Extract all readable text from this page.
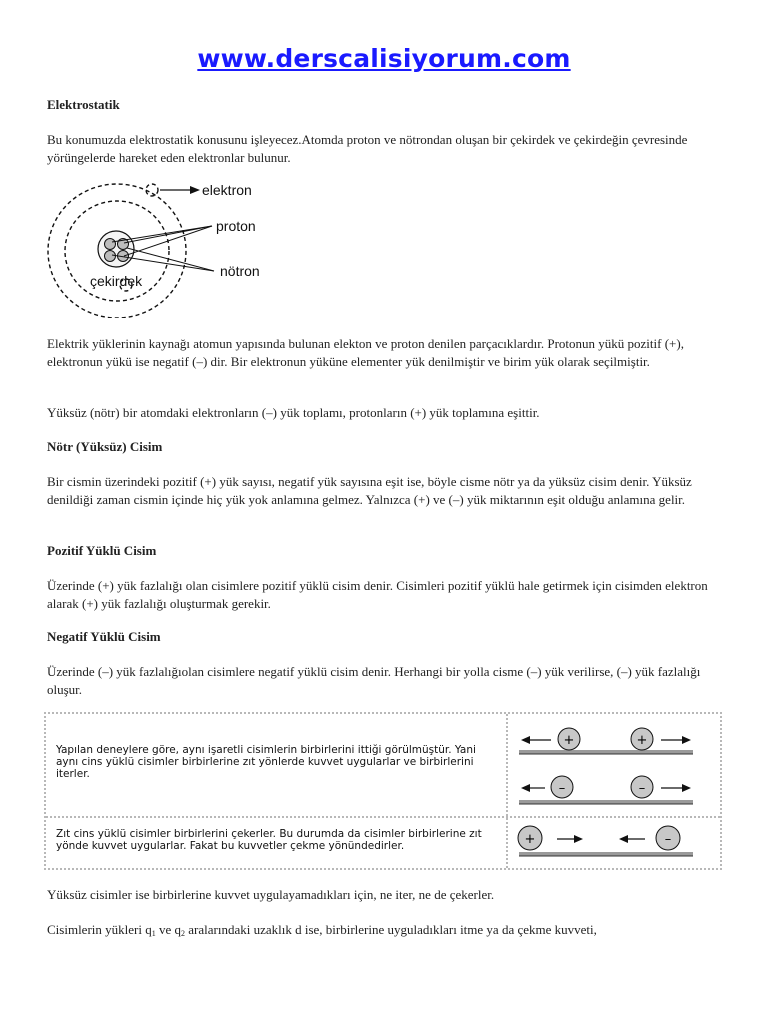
www.derscalisiyorum.com
Elektrostatik
Bu konumuzda elektrostatik konusunu işleyecez.Atomda proton ve nötrondan oluşan bir çekirdek ve çekirdeğin çevresinde yörüngelerde hareket eden elektronlar bulunur.
elektron
proton
nötron
çekirdek
Elektrik yüklerinin kaynağı atomun yapısında bulunan elekton ve proton denilen parçacıklardır. Protonun yükü pozitif (+), elektronun yükü ise negatif (–) dir. Bir elektronun yüküne elementer yük denilmiştir ve birim yük olarak seçilmiştir.
Yüksüz (nötr) bir atomdaki elektronların (–) yük toplamı, protonların (+) yük toplamına eşittir.
Nötr (Yüksüz) Cisim
Bir cismin üzerindeki pozitif (+) yük sayısı, negatif yük sayısına eşit ise, böyle cisme nötr ya da yüksüz cisim denir. Yüksüz denildiği zaman cismin içinde hiç yük yok anlamına gelmez. Yalnızca (+) ve (–) yük miktarının eşit olduğu anlamına gelir.
Pozitif Yüklü Cisim
Üzerinde (+) yük fazlalığı olan cisimlere pozitif yüklü cisim denir. Cisimleri pozitif yüklü hale getirmek için cisimden elektron alarak (+) yük fazlalığı oluşturmak gerekir.
Negatif Yüklü Cisim
Üzerinde (–) yük fazlalığıolan cisimlere negatif yüklü cisim denir. Herhangi bir yolla cisme (–) yük verilirse, (–) yük fazlalığı oluşur.
Yapılan deneylere göre, aynı işaretli cisimlerin birbirlerini ittiği görülmüştür. Yani aynı cins yüklü cisimler birbirlerine zıt yönlerde kuvvet uygularlar ve birbirlerini iterler.
Zıt cins yüklü cisimler birbirlerini çekerler. Bu durumda da cisimler birbirlerine zıt yönde kuvvet uygularlar. Fakat bu kuvvetler çekme yönündedirler.
+	+
–	–
+	–
Yüksüz cisimler ise birbirlerine kuvvet uygulayamadıkları için, ne iter, ne de çekerler.
Cisimlerin yükleri $q_1$ ve $q_2$ aralarındaki uzaklık d ise, birbirlerine uyguladıkları itme ya da çekme kuvveti,
